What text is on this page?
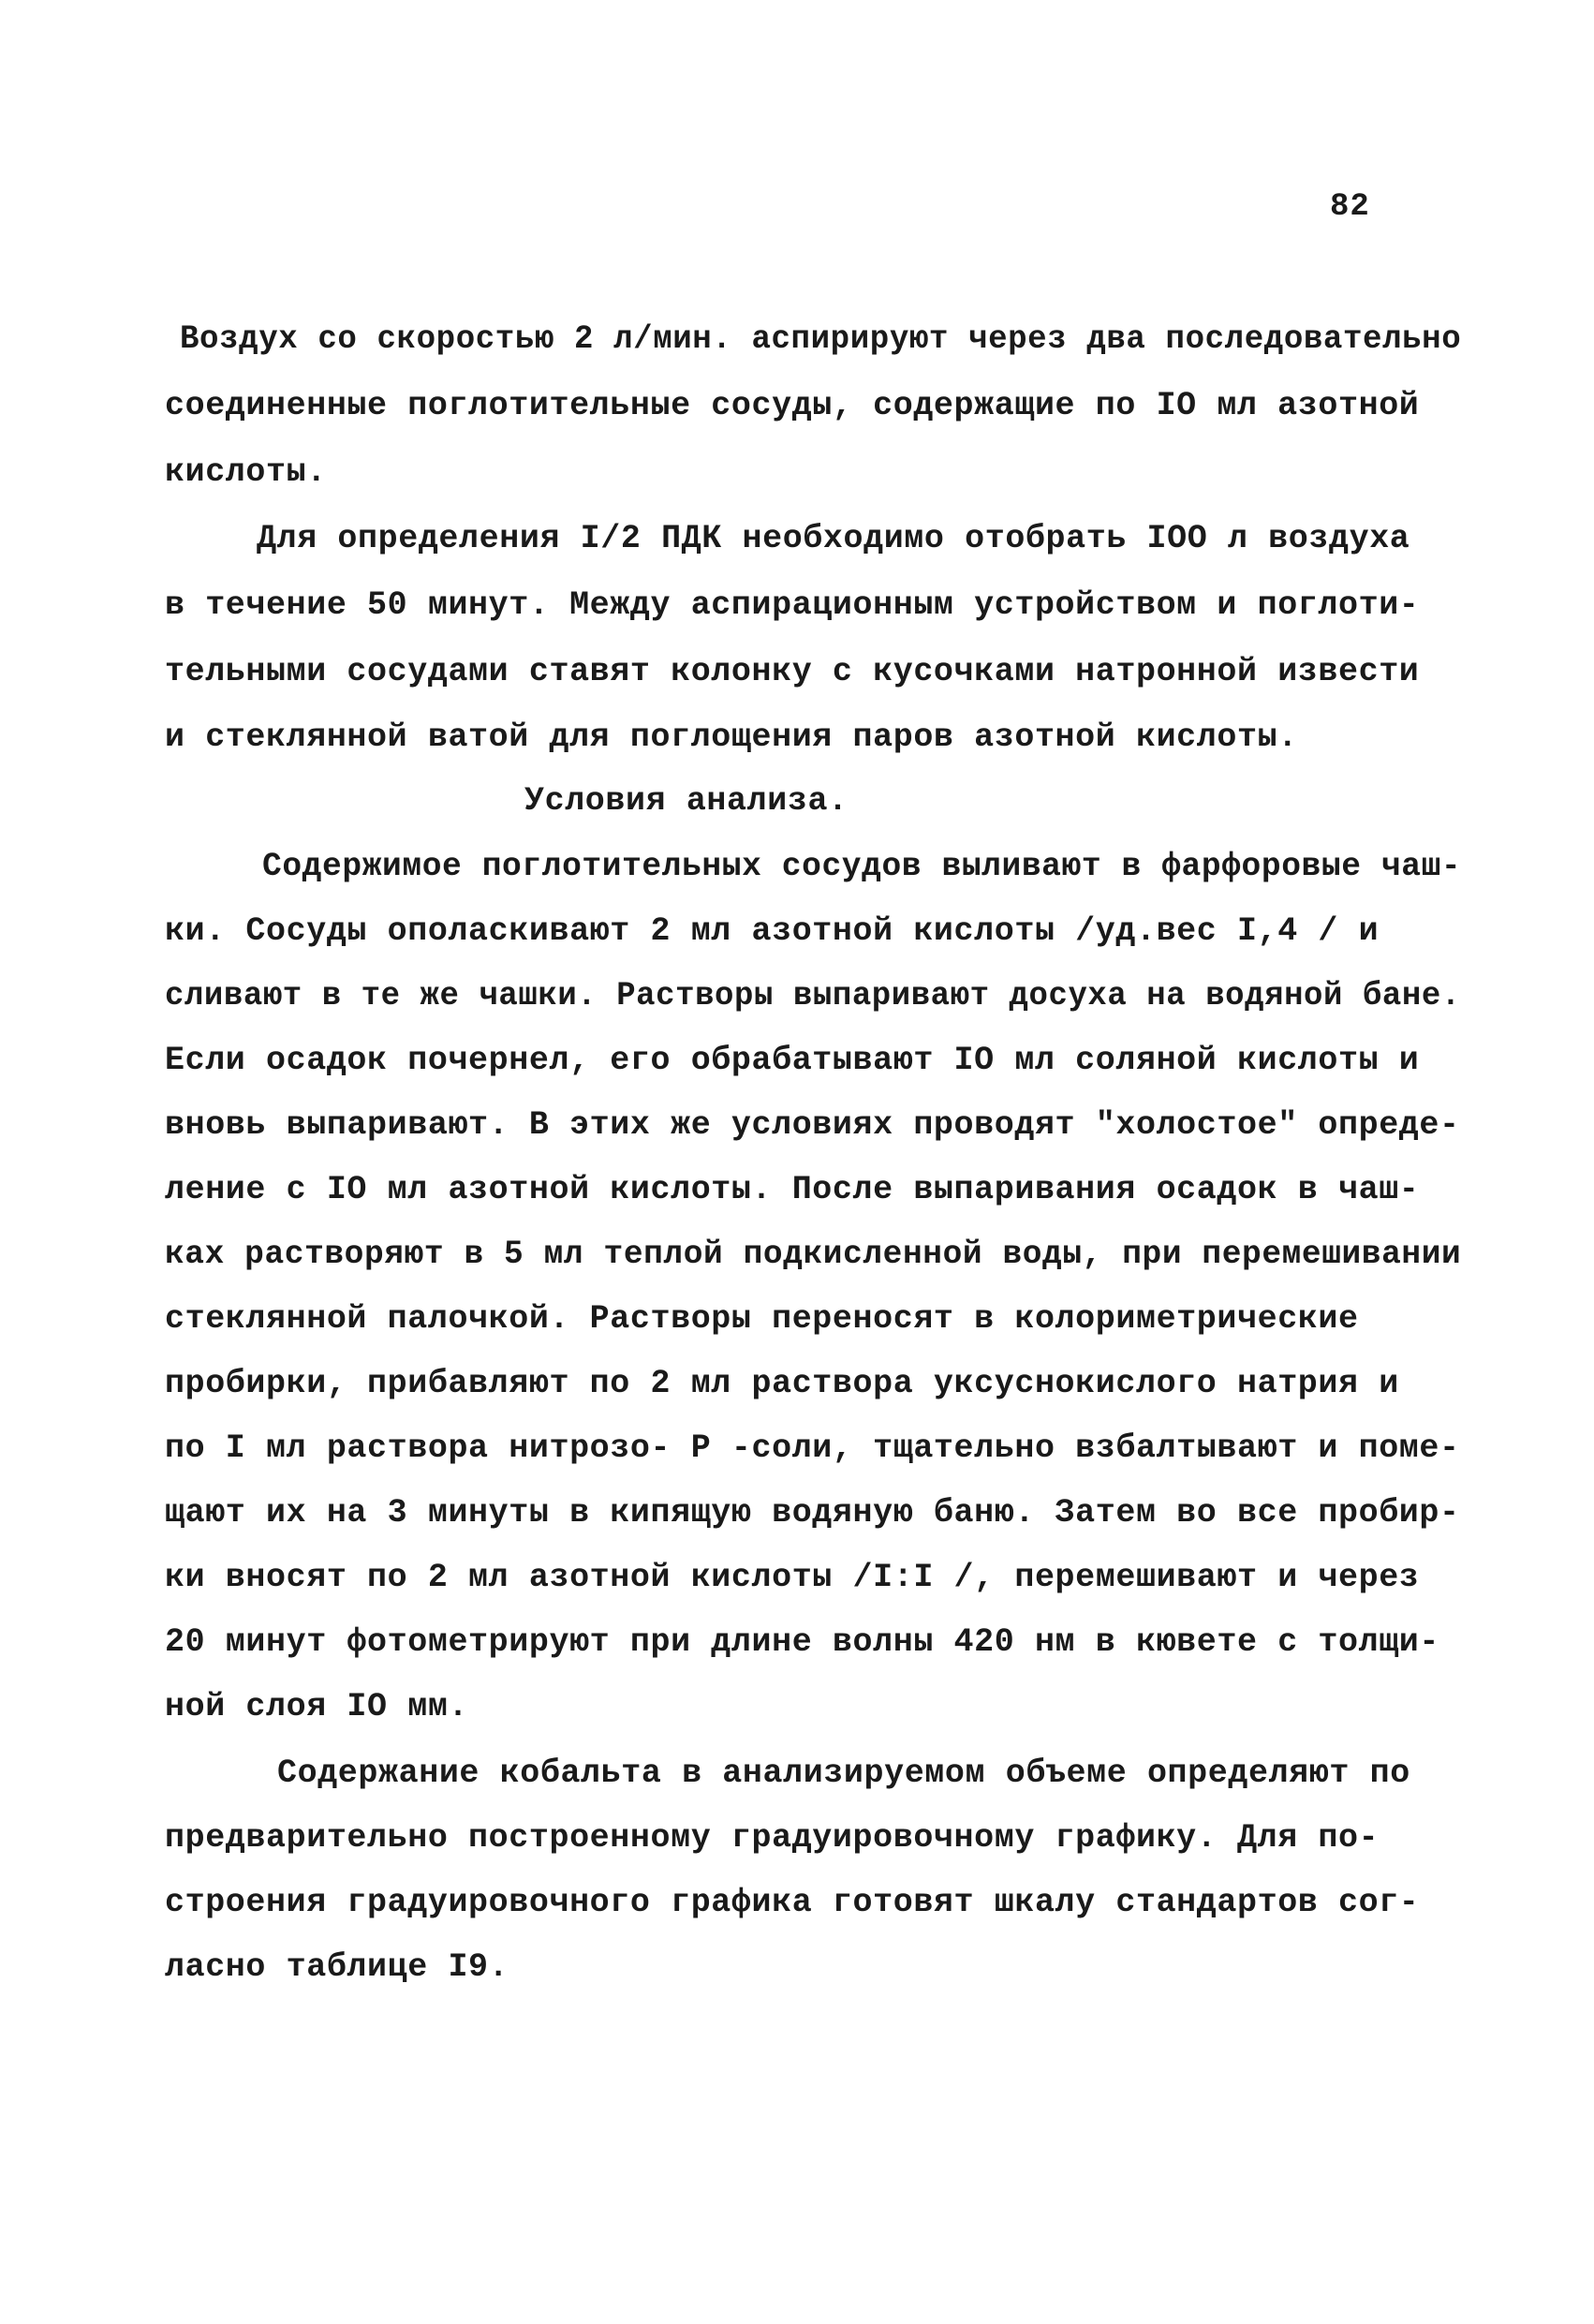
82
Воздух со скоростью 2 л/мин. аспирируют через два последовательно
соединенные поглотительные сосуды, содержащие по IO мл азотной
кислоты.
Для определения I/2 ПДК необходимо отобрать IOO л воздуха
в течение 50 минут. Между аспирационным устройством и поглоти-
тельными сосудами ставят колонку с кусочками натронной извести
и стеклянной ватой для поглощения паров азотной кислоты.
Условия анализа.
Содержимое поглотительных сосудов выливают в фарфоровые чаш-
ки. Сосуды ополаскивают 2 мл азотной кислоты /уд.вес I,4 / и
сливают в те же чашки. Растворы выпаривают досуха на водяной бане.
Если осадок почернел, его обрабатывают IO мл соляной кислоты и
вновь выпаривают. В этих же условиях проводят "холостое" опреде-
ление с IO мл азотной кислоты. После выпаривания осадок в чаш-
ках растворяют в 5 мл теплой подкисленной воды, при перемешивании
стеклянной палочкой. Растворы переносят в колориметрические
пробирки, прибавляют по 2 мл раствора уксуснокислого натрия и
по I мл раствора нитрозо- Р -соли, тщательно взбалтывают и поме-
щают их на 3 минуты в кипящую водяную баню. Затем во все пробир-
ки вносят по 2 мл азотной кислоты /I:I /, перемешивают и через
20 минут фотометрируют при длине волны 420 нм в кювете с толщи-
ной слоя IO мм.
Содержание кобальта в анализируемом объеме определяют по
предварительно построенному градуировочному графику. Для по-
строения градуировочного графика готовят шкалу стандартов сог-
ласно таблице I9.
